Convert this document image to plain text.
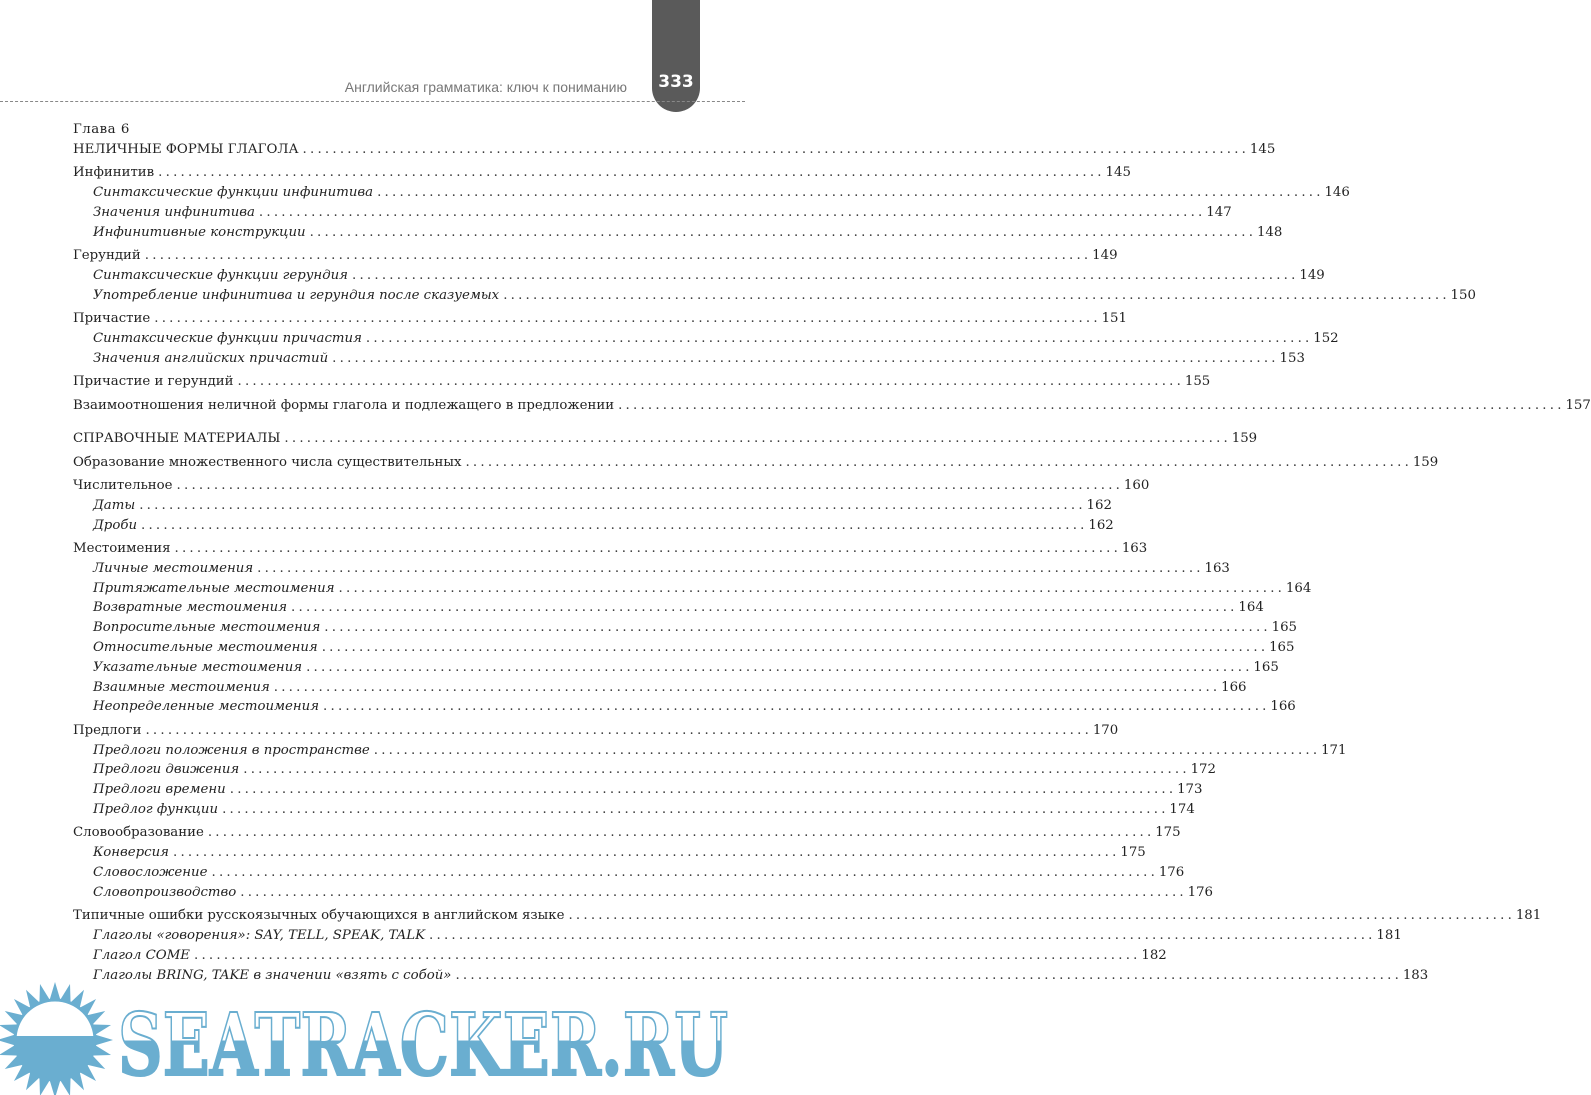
333
Английская грамматика: ключ к пониманию
Глава 6
НЕЛИЧНЫЕ ФОРМЫ ГЛАГОЛА . . .	145
Инфинитив . . .	145
Синтаксические функции инфинитива . . .	146
Значения инфинитива . . .	147
Инфинитивные конструкции . . .	148
Герундий . . .	149
Синтаксические функции герундия . . .	149
Употребление инфинитива и герундия после сказуемых . . .	150
Причастие . . .	151
Синтаксические функции причастия . . .	152
Значения английских причастий . . .	153
Причастие и герундий . . .	155
Взаимоотношения неличной формы глагола и подлежащего в предложении . . .	157
СПРАВОЧНЫЕ МАТЕРИАЛЫ . . .	159
Образование множественного числа существительных . . .	159
Числительное . . .	160
Даты . . .	162
Дроби . . .	162
Местоимения . . .	163
Личные местоимения . . .	163
Притяжательные местоимения . . .	164
Возвратные местоимения . . .	164
Вопросительные местоимения . . .	165
Относительные местоимения . . .	165
Указательные местоимения . . .	165
Взаимные местоимения . . .	166
Неопределенные местоимения . . .	166
Предлоги . . .	170
Предлоги положения в пространстве . . .	171
Предлоги движения . . .	172
Предлоги времени . . .	173
Предлог функции . . .	174
Словообразование . . .	175
Конверсия . . .	175
Словосложение . . .	176
Словопроизводство . . .	176
Типичные ошибки русскоязычных обучающихся в английском языке . . .	181
Глаголы «говорения»: SAY, TELL, SPEAK, TALK . . .	181
Глагол COME . . .	182
Глаголы BRING, TAKE в значении «взять с собой» . . .	183
SEATRACKER.RU
